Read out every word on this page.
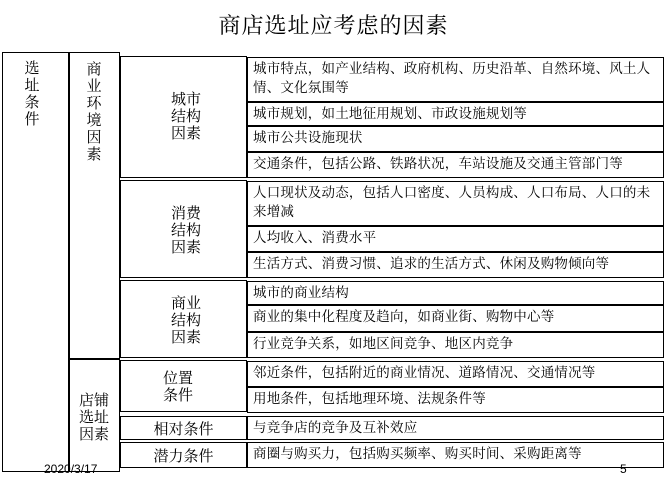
商店选址应考虑的因素
选址条件
商业环境因素
店铺选址因素
城市结构因素
消费结构因素
商业结构因素
位置条件
相对条件
潜力条件
城市特点，如产业结构、政府机构、历史沿革、自然环境、风土人情、文化氛围等
城市规划，如土地征用规划、市政设施规划等
城市公共设施现状
交通条件，包括公路、铁路状况，车站设施及交通主管部门等
人口现状及动态，包括人口密度、人员构成、人口布局、人口的未来增减
人均收入、消费水平
生活方式、消费习惯、追求的生活方式、休闲及购物倾向等
城市的商业结构
商业的集中化程度及趋向，如商业街、购物中心等
行业竞争关系，如地区间竞争、地区内竞争
邻近条件，包括附近的商业情况、道路情况、交通情况等
用地条件，包括地理环境、法规条件等
与竞争店的竞争及互补效应
商圈与购买力，包括购买频率、购买时间、采购距离等
2020/3/17	5
